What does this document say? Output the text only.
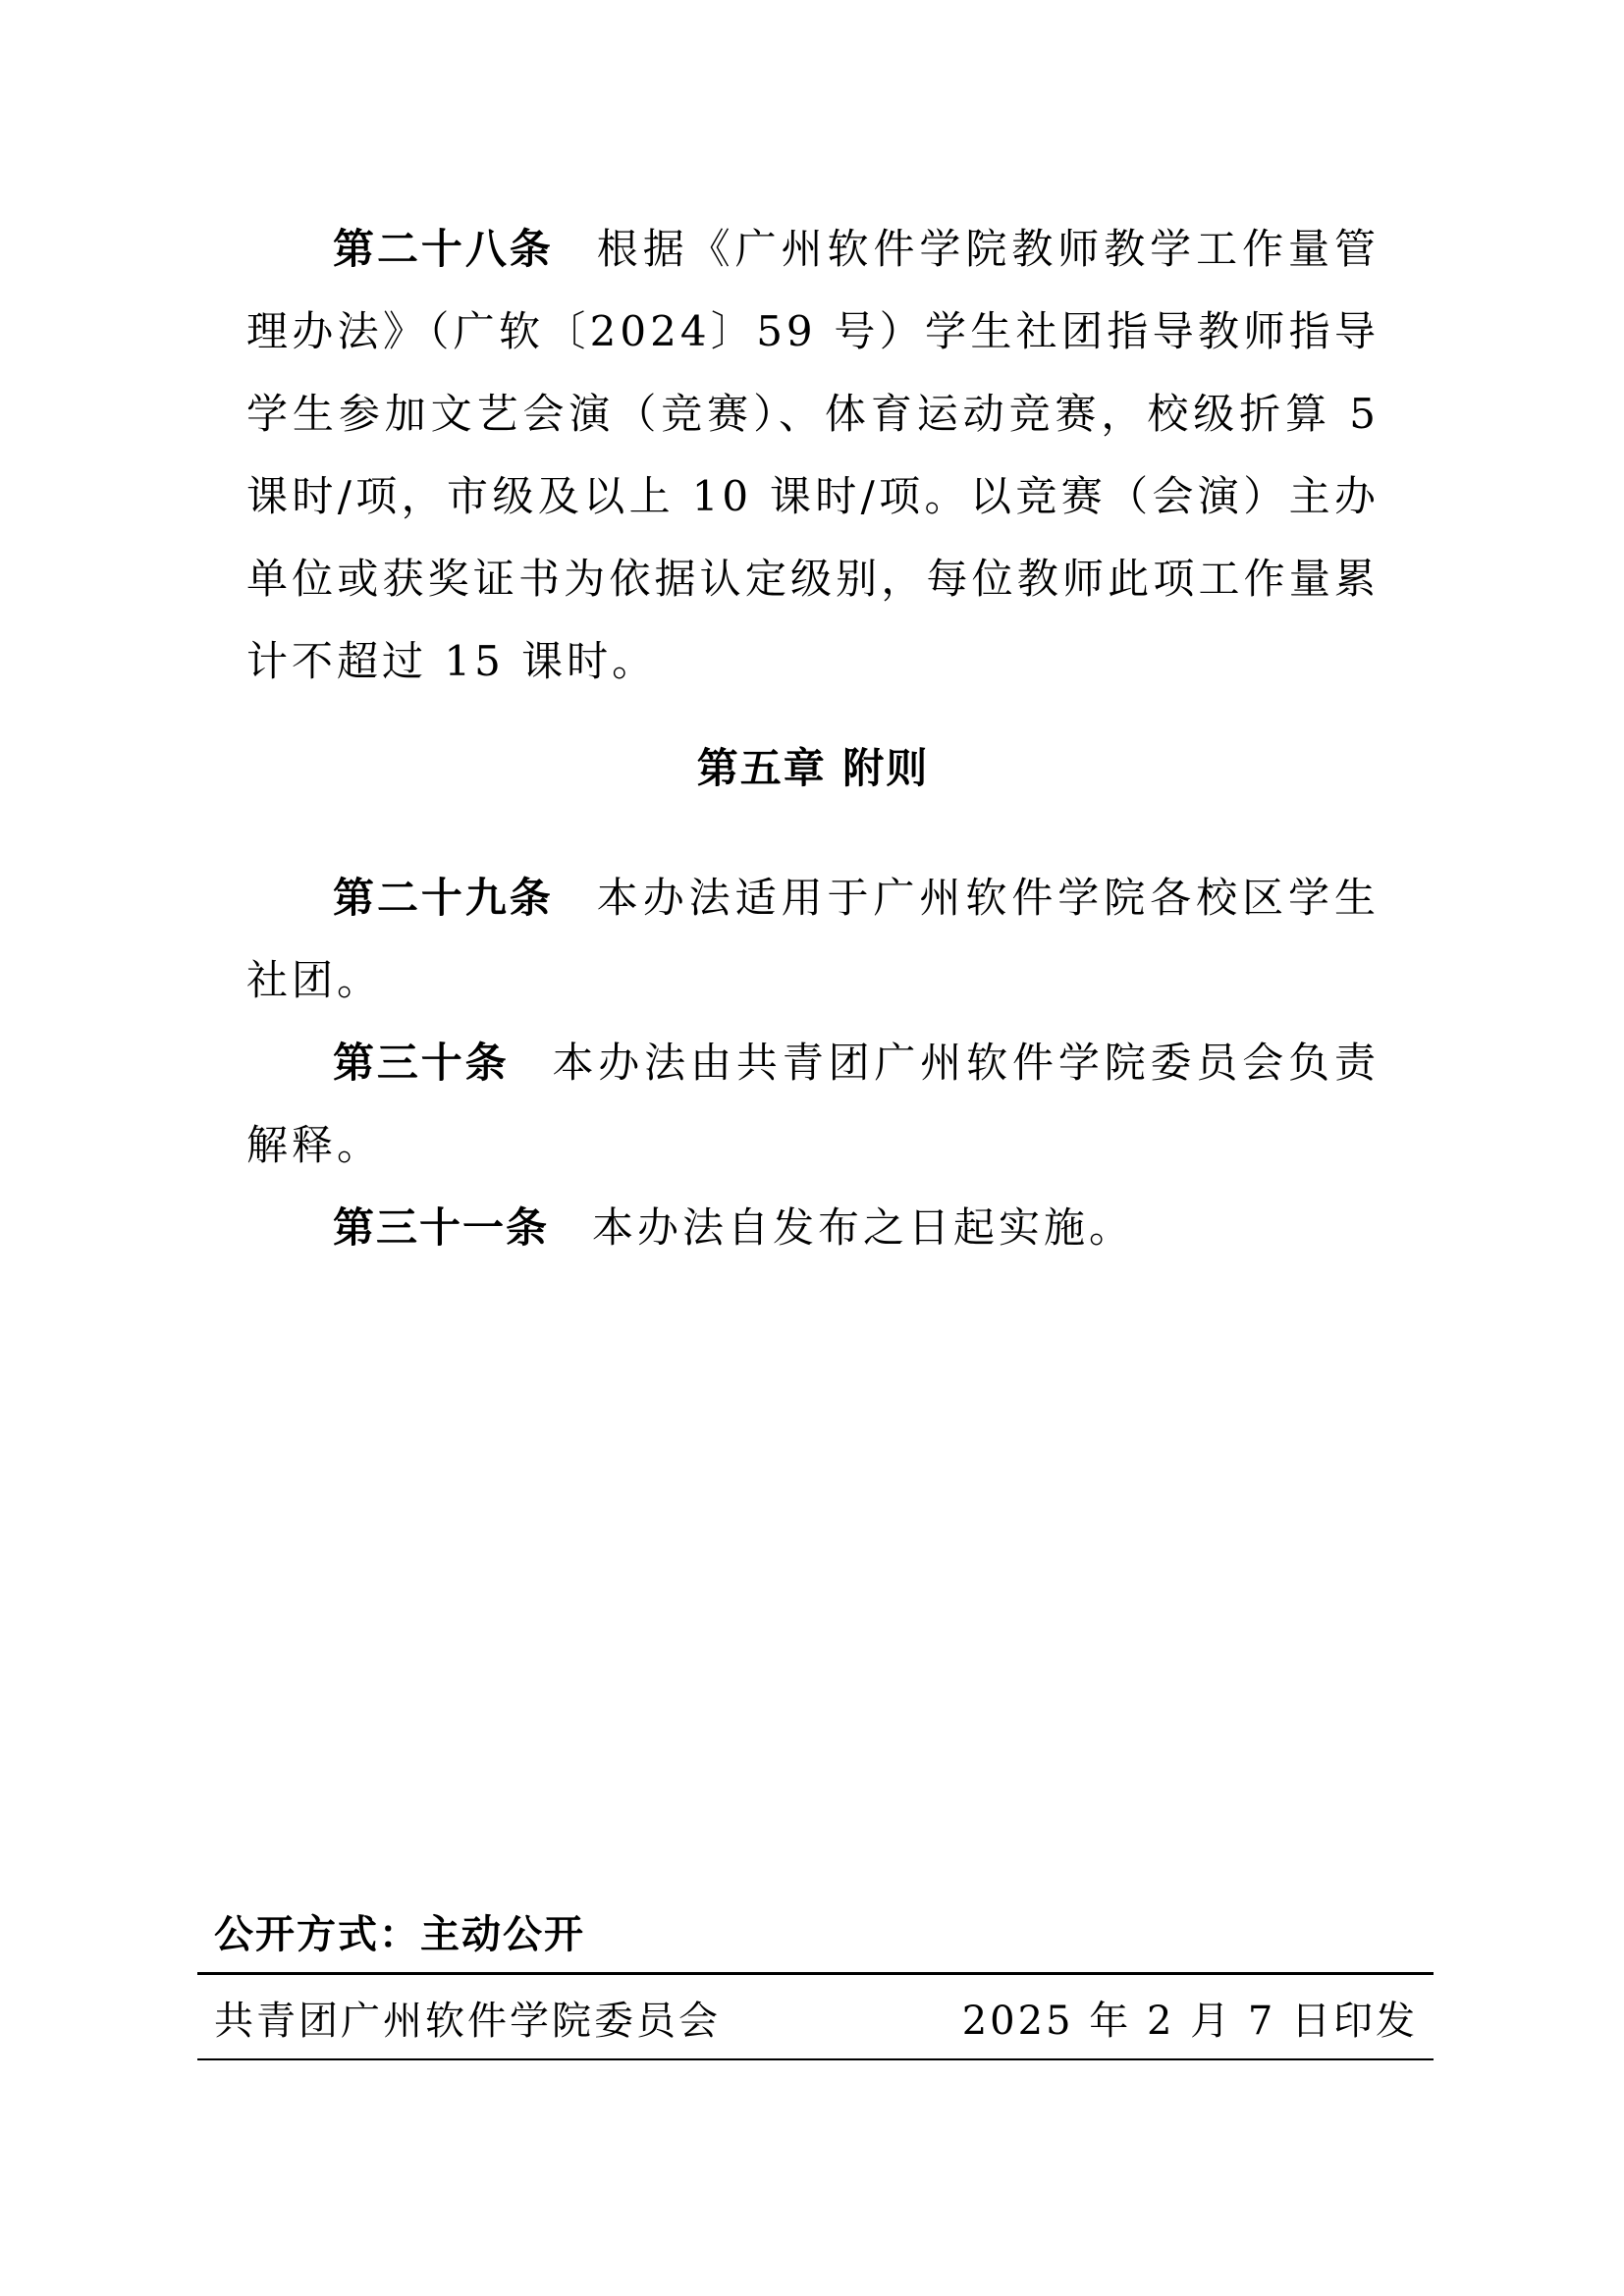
第二十八条 根据《广州软件学院教师教学工作量管理办法》（广软〔2024〕59 号）学生社团指导教师指导学生参加文艺会演（竞赛）、体育运动竞赛，校级折算 5 课时/项，市级及以上 10 课时/项。以竞赛（会演）主办单位或获奖证书为依据认定级别，每位教师此项工作量累计不超过 15 课时。

第五章 附则

第二十九条 本办法适用于广州软件学院各校区学生社团。

第三十条 本办法由共青团广州软件学院委员会负责解释。

第三十一条 本办法自发布之日起实施。

公开方式：主动公开
共青团广州软件学院委员会	2025 年 2 月 7 日印发
